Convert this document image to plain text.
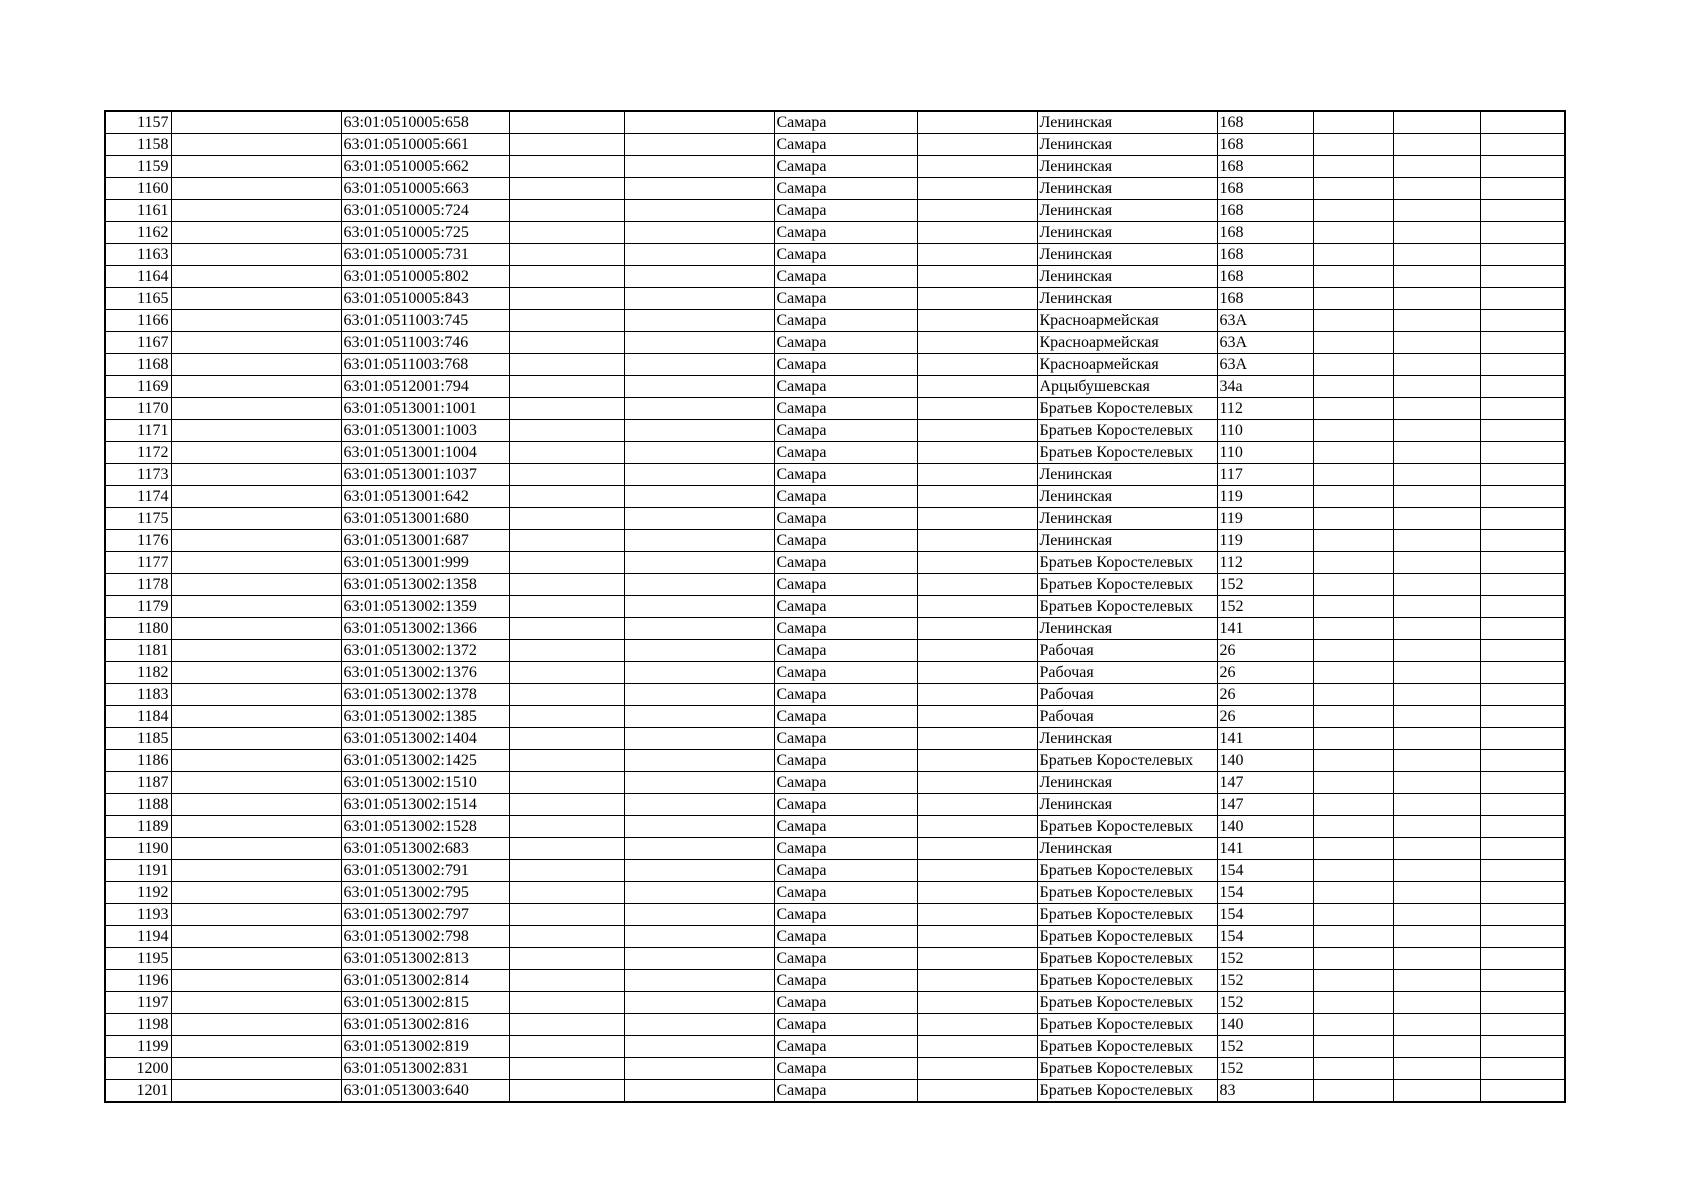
1157		63:01:0510005:658			Самара		Ленинская	168			
1158		63:01:0510005:661			Самара		Ленинская	168			
1159		63:01:0510005:662			Самара		Ленинская	168			
1160		63:01:0510005:663			Самара		Ленинская	168			
1161		63:01:0510005:724			Самара		Ленинская	168			
1162		63:01:0510005:725			Самара		Ленинская	168			
1163		63:01:0510005:731			Самара		Ленинская	168			
1164		63:01:0510005:802			Самара		Ленинская	168			
1165		63:01:0510005:843			Самара		Ленинская	168			
1166		63:01:0511003:745			Самара		Красноармейская	63А			
1167		63:01:0511003:746			Самара		Красноармейская	63А			
1168		63:01:0511003:768			Самара		Красноармейская	63А			
1169		63:01:0512001:794			Самара		Арцыбушевская	34а			
1170		63:01:0513001:1001			Самара		Братьев Коростелевых	112			
1171		63:01:0513001:1003			Самара		Братьев Коростелевых	110			
1172		63:01:0513001:1004			Самара		Братьев Коростелевых	110			
1173		63:01:0513001:1037			Самара		Ленинская	117			
1174		63:01:0513001:642			Самара		Ленинская	119			
1175		63:01:0513001:680			Самара		Ленинская	119			
1176		63:01:0513001:687			Самара		Ленинская	119			
1177		63:01:0513001:999			Самара		Братьев Коростелевых	112			
1178		63:01:0513002:1358			Самара		Братьев Коростелевых	152			
1179		63:01:0513002:1359			Самара		Братьев Коростелевых	152			
1180		63:01:0513002:1366			Самара		Ленинская	141			
1181		63:01:0513002:1372			Самара		Рабочая	26			
1182		63:01:0513002:1376			Самара		Рабочая	26			
1183		63:01:0513002:1378			Самара		Рабочая	26			
1184		63:01:0513002:1385			Самара		Рабочая	26			
1185		63:01:0513002:1404			Самара		Ленинская	141			
1186		63:01:0513002:1425			Самара		Братьев Коростелевых	140			
1187		63:01:0513002:1510			Самара		Ленинская	147			
1188		63:01:0513002:1514			Самара		Ленинская	147			
1189		63:01:0513002:1528			Самара		Братьев Коростелевых	140			
1190		63:01:0513002:683			Самара		Ленинская	141			
1191		63:01:0513002:791			Самара		Братьев Коростелевых	154			
1192		63:01:0513002:795			Самара		Братьев Коростелевых	154			
1193		63:01:0513002:797			Самара		Братьев Коростелевых	154			
1194		63:01:0513002:798			Самара		Братьев Коростелевых	154			
1195		63:01:0513002:813			Самара		Братьев Коростелевых	152			
1196		63:01:0513002:814			Самара		Братьев Коростелевых	152			
1197		63:01:0513002:815			Самара		Братьев Коростелевых	152			
1198		63:01:0513002:816			Самара		Братьев Коростелевых	140			
1199		63:01:0513002:819			Самара		Братьев Коростелевых	152			
1200		63:01:0513002:831			Самара		Братьев Коростелевых	152			
1201		63:01:0513003:640			Самара		Братьев Коростелевых	83			
